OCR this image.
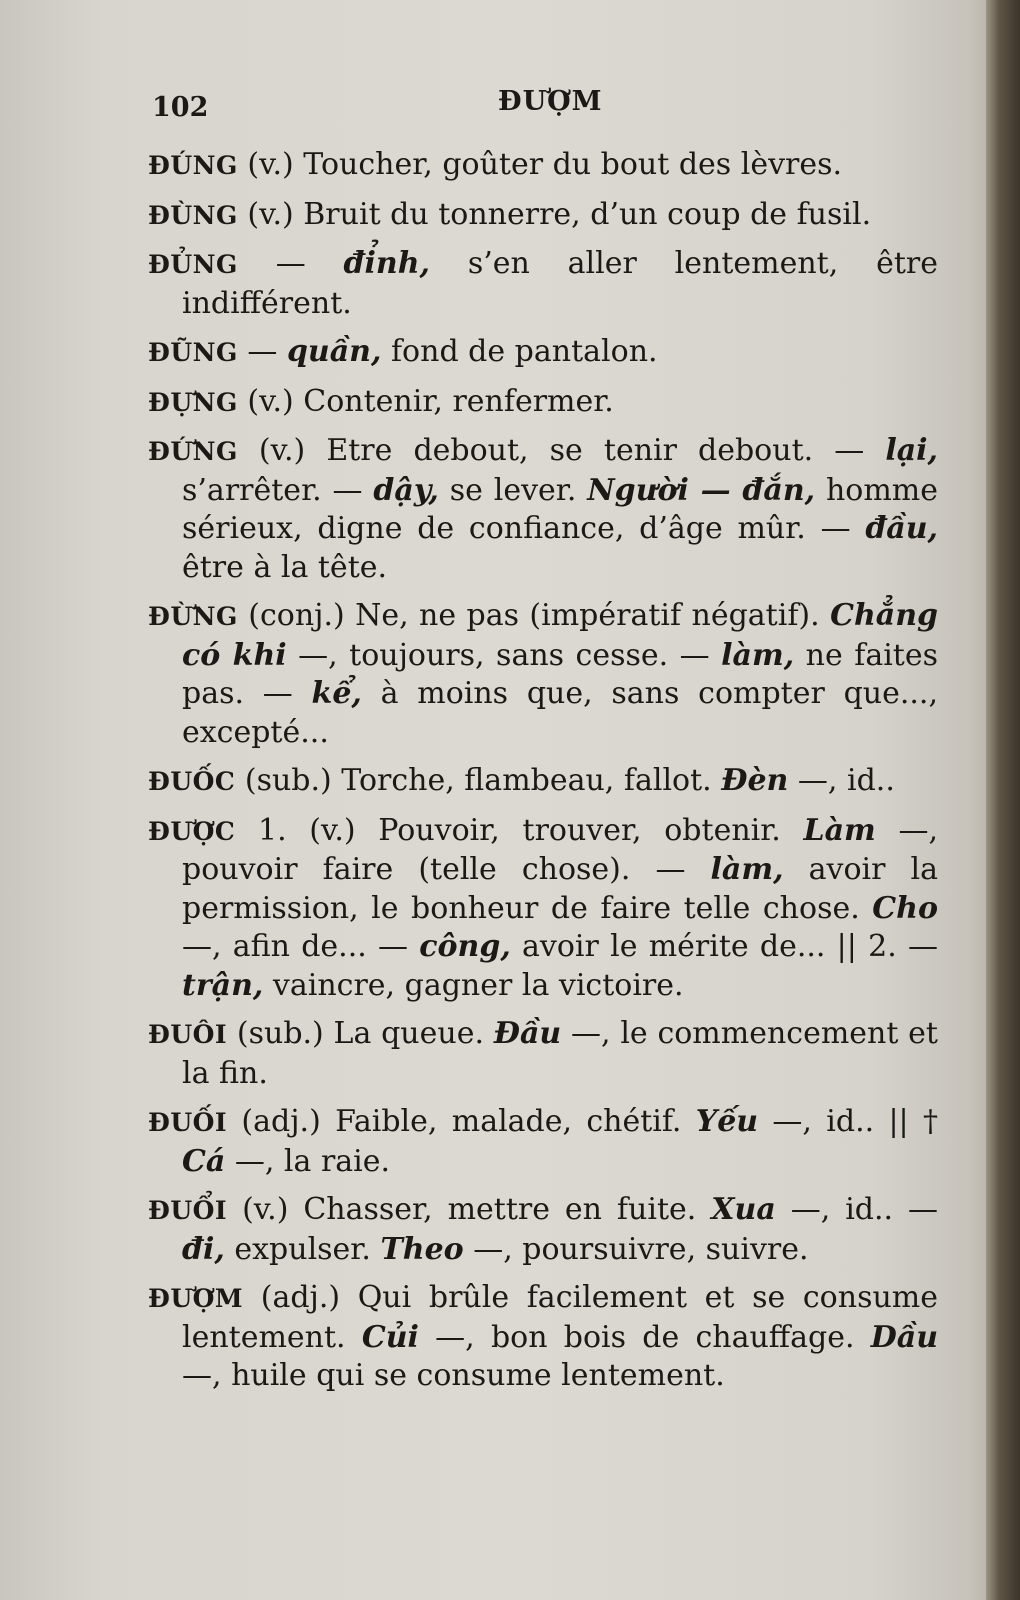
102	ĐƯỢM
ĐÚNG (v.) Toucher, goûter du bout des lèvres.
ĐÙNG (v.) Bruit du tonnerre, d’un coup de fusil.
ĐỦNG — đỉnh, s’en aller lentement, être indifférent.
ĐŨNG — quần, fond de pantalon.
ĐỰNG (v.) Contenir, renfermer.
ĐỨNG (v.) Etre debout, se tenir debout. — lại, s’arrêter. — dậy, se lever. Người — đắn, homme sérieux, digne de confiance, d’âge mûr. — đầu, être à la tête.
ĐỪNG (conj.) Ne, ne pas (impératif négatif). Chẳng có khi —, toujours, sans cesse. — làm, ne faites pas. — kể, à moins que, sans compter que..., excepté...
ĐUỐC (sub.) Torche, flambeau, fallot. Đèn —, id..
ĐƯỢC 1. (v.) Pouvoir, trouver, obtenir. Làm —, pouvoir faire (telle chose). — làm, avoir la permission, le bonheur de faire telle chose. Cho —, afin de... — công, avoir le mérite de... || 2. — trận, vaincre, gagner la victoire.
ĐUÔI (sub.) La queue. Đầu —, le commencement et la fin.
ĐUỐI (adj.) Faible, malade, chétif. Yếu —, id.. || † Cá —, la raie.
ĐUỔI (v.) Chasser, mettre en fuite. Xua —, id.. — đi, expulser. Theo —, poursuivre, suivre.
ĐƯỢM (adj.) Qui brûle facilement et se consume lentement. Củi —, bon bois de chauffage. Dầu —, huile qui se consume lentement.
